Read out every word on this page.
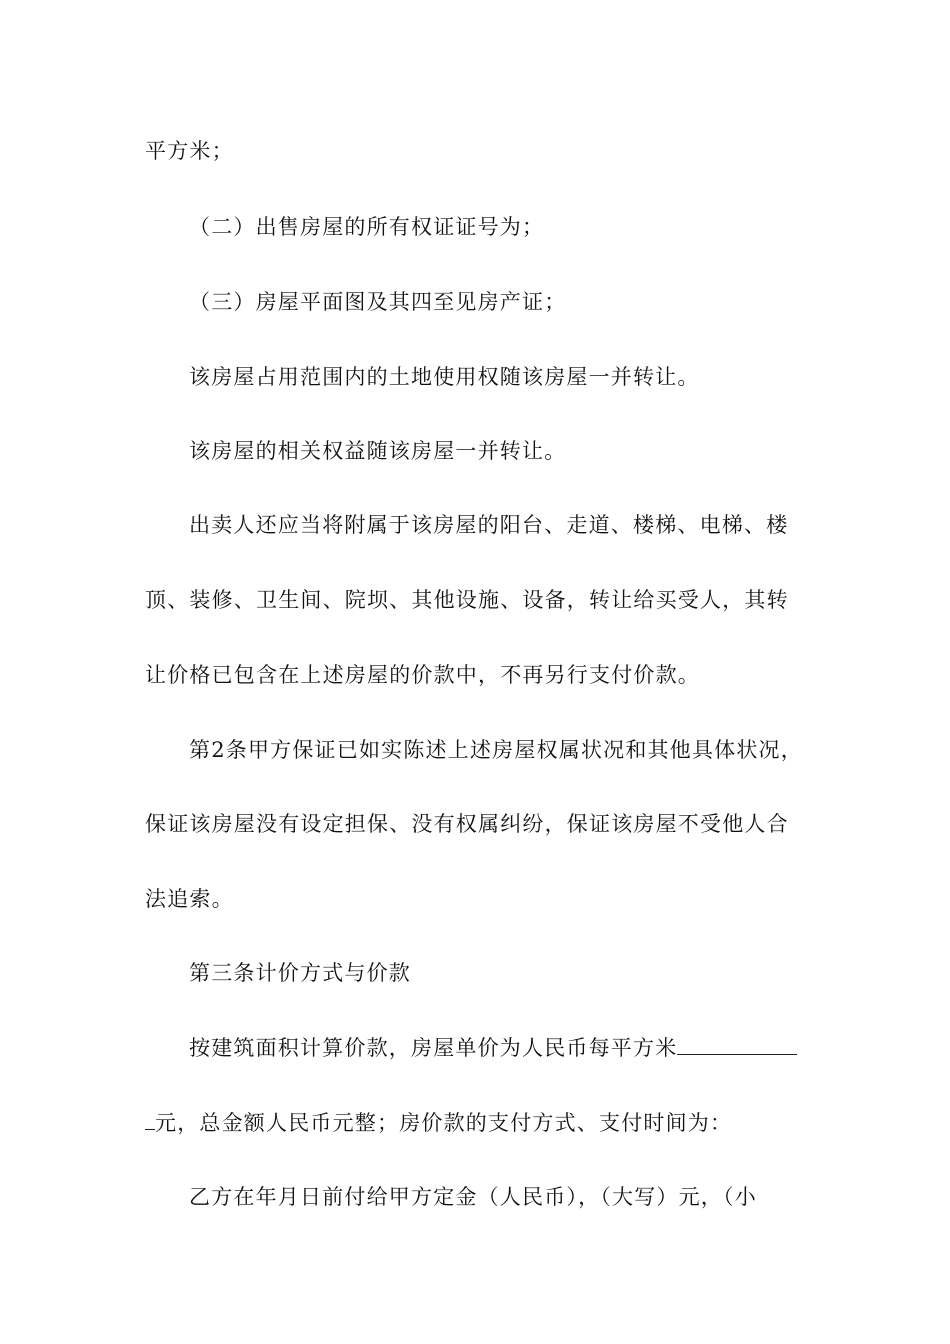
平方米；
（二）出售房屋的所有权证证号为；
（三）房屋平面图及其四至见房产证；
该房屋占用范围内的土地使用权随该房屋一并转让。
该房屋的相关权益随该房屋一并转让。
出卖人还应当将附属于该房屋的阳台、走道、楼梯、电梯、楼
顶、装修、卫生间、院坝、其他设施、设备，转让给买受人，其转
让价格已包含在上述房屋的价款中，不再另行支付价款。
第2条甲方保证已如实陈述上述房屋权属状况和其他具体状况，
保证该房屋没有设定担保、没有权属纠纷，保证该房屋不受他人合
法追索。
第三条计价方式与价款
按建筑面积计算价款，房屋单价为人民币每平方米
元，总金额人民币元整；房价款的支付方式、支付时间为：
乙方在年月日前付给甲方定金（人民币），（大写）元，（小
